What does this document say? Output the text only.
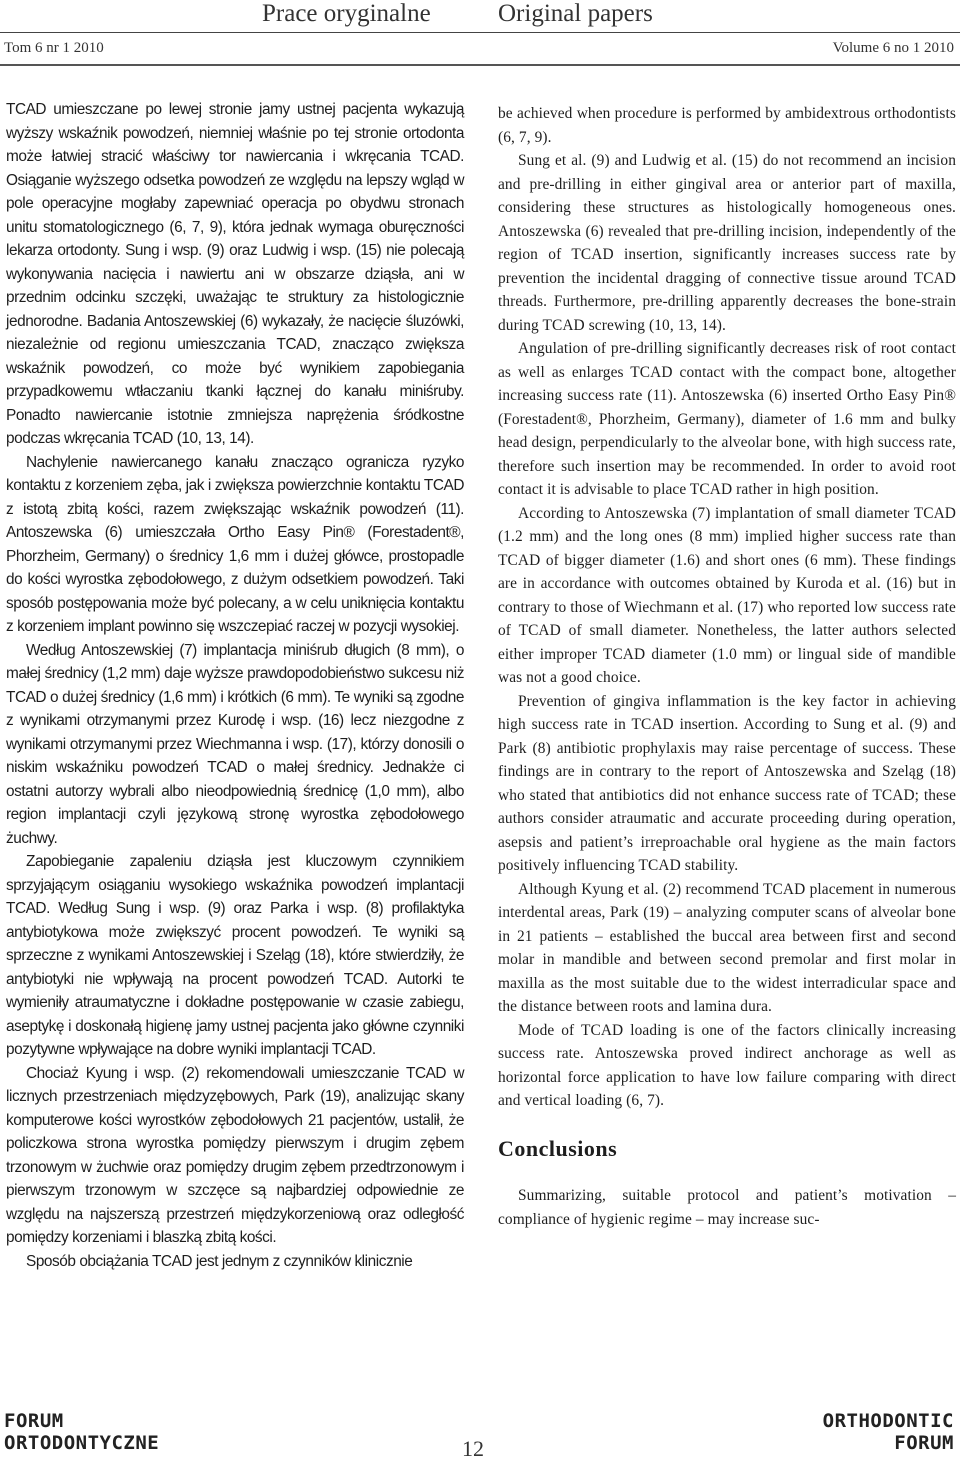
Prace oryginalne	Original papers
Tom 6 nr 1 2010	Volume 6 no 1 2010

TCAD umieszczane po lewej stronie jamy ustnej pacjenta wykazują wyższy wskaźnik powodzeń, niemniej właśnie po tej stronie ortodonta może łatwiej stracić właściwy tor nawiercania i wkręcania TCAD. Osiąganie wyższego odsetka powodzeń ze względu na lepszy wgląd w pole operacyjne mogłaby zapewniać operacja po obydwu stronach unitu stomatologicznego (6, 7, 9), która jednak wymaga oburęczności lekarza ortodonty. Sung i wsp. (9) oraz Ludwig i wsp. (15) nie polecają wykonywania nacięcia i nawiertu ani w obszarze dziąsła, ani w przednim odcinku szczęki, uważając te struktury za histologicznie jednorodne. Badania Antoszewskiej (6) wykazały, że nacięcie śluzówki, niezależnie od regionu umieszczania TCAD, znacząco zwiększa wskaźnik powodzeń, co może być wynikiem zapobiegania przypadkowemu wtłaczaniu tkanki łącznej do kanału miniśruby. Ponadto nawiercanie istotnie zmniejsza naprężenia śródkostne podczas wkręcania TCAD (10, 13, 14).

Nachylenie nawiercanego kanału znacząco ogranicza ryzyko kontaktu z korzeniem zęba, jak i zwiększa powierzchnie kontaktu TCAD z istotą zbitą kości, razem zwiększając wskaźnik powodzeń (11). Antoszewska (6) umieszczała Ortho Easy Pin® (Forestadent®, Phorzheim, Germany) o średnicy 1,6 mm i dużej główce, prostopadle do kości wyrostka zębodołowego, z dużym odsetkiem powodzeń. Taki sposób postępowania może być polecany, a w celu uniknięcia kontaktu z korzeniem implant powinno się wszczepiać raczej w pozycji wysokiej.

Według Antoszewskiej (7) implantacja miniśrub długich (8 mm), o małej średnicy (1,2 mm) daje wyższe prawdopodobieństwo sukcesu niż TCAD o dużej średnicy (1,6 mm) i krótkich (6 mm). Te wyniki są zgodne z wynikami otrzymanymi przez Kurodę i wsp. (16) lecz niezgodne z wynikami otrzymanymi przez Wiechmanna i wsp. (17), którzy donosili o niskim wskaźniku powodzeń TCAD o małej średnicy. Jednakże ci ostatni autorzy wybrali albo nieodpowiednią średnicę (1,0 mm), albo region implantacji czyli językową stronę wyrostka zębodołowego żuchwy.

Zapobieganie zapaleniu dziąsła jest kluczowym czynnikiem sprzyjającym osiąganiu wysokiego wskaźnika powodzeń implantacji TCAD. Według Sung i wsp. (9) oraz Parka i wsp. (8) profilaktyka antybiotykowa może zwiększyć procent powodzeń. Te wyniki są sprzeczne z wynikami Antoszewskiej i Szeląg (18), które stwierdziły, że antybiotyki nie wpływają na procent powodzeń TCAD. Autorki te wymieniły atraumatyczne i dokładne postępowanie w czasie zabiegu, aseptykę i doskonałą higienę jamy ustnej pacjenta jako główne czynniki pozytywne wpływające na dobre wyniki implantacji TCAD.

Chociaż Kyung i wsp. (2) rekomendowali umieszczanie TCAD w licznych przestrzeniach międzyzębowych, Park (19), analizując skany komputerowe kości wyrostków zębodołowych 21 pacjentów, ustalił, że policzkowa strona wyrostka pomiędzy pierwszym i drugim zębem trzonowym w żuchwie oraz pomiędzy drugim zębem przedtrzonowym i pierwszym trzonowym w szczęce są najbardziej odpowiednie ze względu na najszerszą przestrzeń międzykorzeniową oraz odległość pomiędzy korzeniami i blaszką zbitą kości.

Sposób obciążania TCAD jest jednym z czynników klinicznie

be achieved when procedure is performed by ambidextrous orthodontists (6, 7, 9).

Sung et al. (9) and Ludwig et al. (15) do not recommend an incision and pre-drilling in either gingival area or anterior part of maxilla, considering these structures as histologically homogeneous ones. Antoszewska (6) revealed that pre-drilling incision, independently of the region of TCAD insertion, significantly increases success rate by prevention the incidental dragging of connective tissue around TCAD threads. Furthermore, pre-drilling apparently decreases the bone-strain during TCAD screwing (10, 13, 14).

Angulation of pre-drilling significantly decreases risk of root contact as well as enlarges TCAD contact with the compact bone, altogether increasing success rate (11). Antoszewska (6) inserted Ortho Easy Pin® (Forestadent®, Phorzheim, Germany), diameter of 1.6 mm and bulky head design, perpendicularly to the alveolar bone, with high success rate, therefore such insertion may be recommended. In order to avoid root contact it is advisable to place TCAD rather in high position.

According to Antoszewska (7) implantation of small diameter TCAD (1.2 mm) and the long ones (8 mm) implied higher success rate than TCAD of bigger diameter (1.6) and short ones (6 mm). These findings are in accordance with outcomes obtained by Kuroda et al. (16) but in contrary to those of Wiechmann et al. (17) who reported low success rate of TCAD of small diameter. Nonetheless, the latter authors selected either improper TCAD diameter (1.0 mm) or lingual side of mandible was not a good choice.

Prevention of gingiva inflammation is the key factor in achieving high success rate in TCAD insertion. According to Sung et al. (9) and Park (8) antibiotic prophylaxis may raise percentage of success. These findings are in contrary to the report of Antoszewska and Szeląg (18) who stated that antibiotics did not enhance success rate of TCAD; these authors consider atraumatic and accurate proceeding during operation, asepsis and patient’s irreproachable oral hygiene as the main factors positively influencing TCAD stability.

Although Kyung et al. (2) recommend TCAD placement in numerous interdental areas, Park (19) – analyzing computer scans of alveolar bone in 21 patients – established the buccal area between first and second molar in mandible and between second premolar and first molar in maxilla as the most suitable due to the widest interradicular space and the distance between roots and lamina dura.

Mode of TCAD loading is one of the factors clinically increasing success rate. Antoszewska proved indirect anchorage as well as horizontal force application to have low failure comparing with direct and vertical loading (6, 7).

Conclusions

Summarizing, suitable protocol and patient’s motivation – compliance of hygienic regime – may increase suc-

FORUM
ORTODONTYCZNE	12
ORTHODONTIC
FORUM
